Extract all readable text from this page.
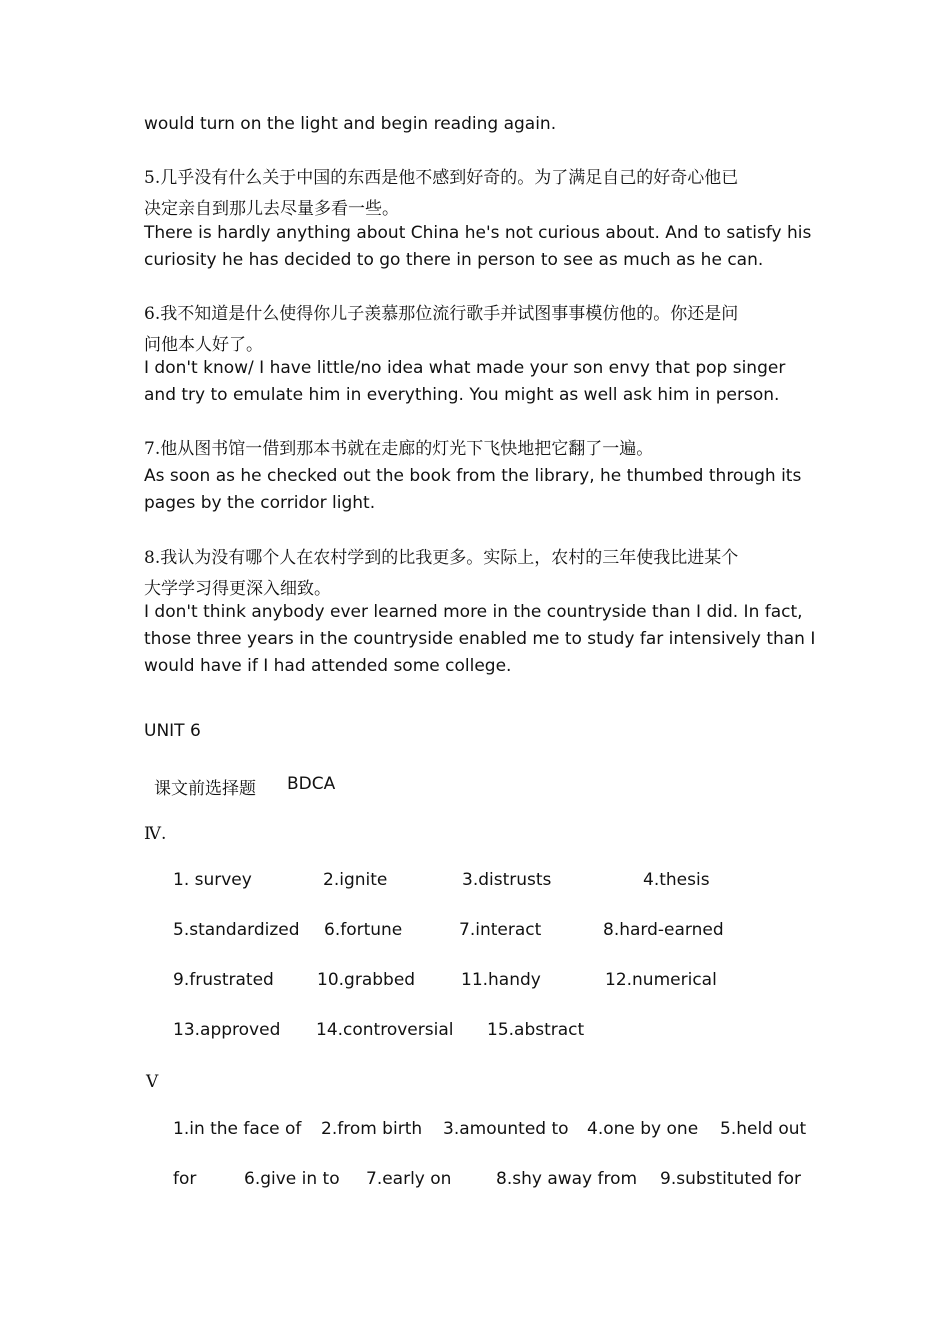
would turn on the light and begin reading again.
5.几乎没有什么关于中国的东西是他不感到好奇的。为了满足自己的好奇心他已
决定亲自到那儿去尽量多看一些。
There is hardly anything about China he's not curious about. And to satisfy his
curiosity he has decided to go there in person to see as much as he can.
6.我不知道是什么使得你儿子羡慕那位流行歌手并试图事事模仿他的。你还是问
问他本人好了。
I don't know/ I have little/no idea what made your son envy that pop singer
and try to emulate him in everything. You might as well ask him in person.
7.他从图书馆一借到那本书就在走廊的灯光下飞快地把它翻了一遍。
As soon as he checked out the book from the library, he thumbed through its
pages by the corridor light.
8.我认为没有哪个人在农村学到的比我更多。实际上，农村的三年使我比进某个
大学学习得更深入细致。
I don't think anybody ever learned more in the countryside than I did. In fact,
those three years in the countryside enabled me to study far intensively than I
would have if I had attended some college.
UNIT 6
课文前选择题 BDCA
Ⅳ.
1. survey	2.ignite	3.distrusts	4.thesis
5.standardized 6.fortune	7.interact	8.hard-earned
9.frustrated	10.grabbed	11.handy	12.numerical
13.approved 14.controversial 15.abstract
Ⅴ
1.in the face of 2.from birth 3.amounted to 4.one by one 5.held out
for	6.give in to 7.early on	8.shy away from 9.substituted for
